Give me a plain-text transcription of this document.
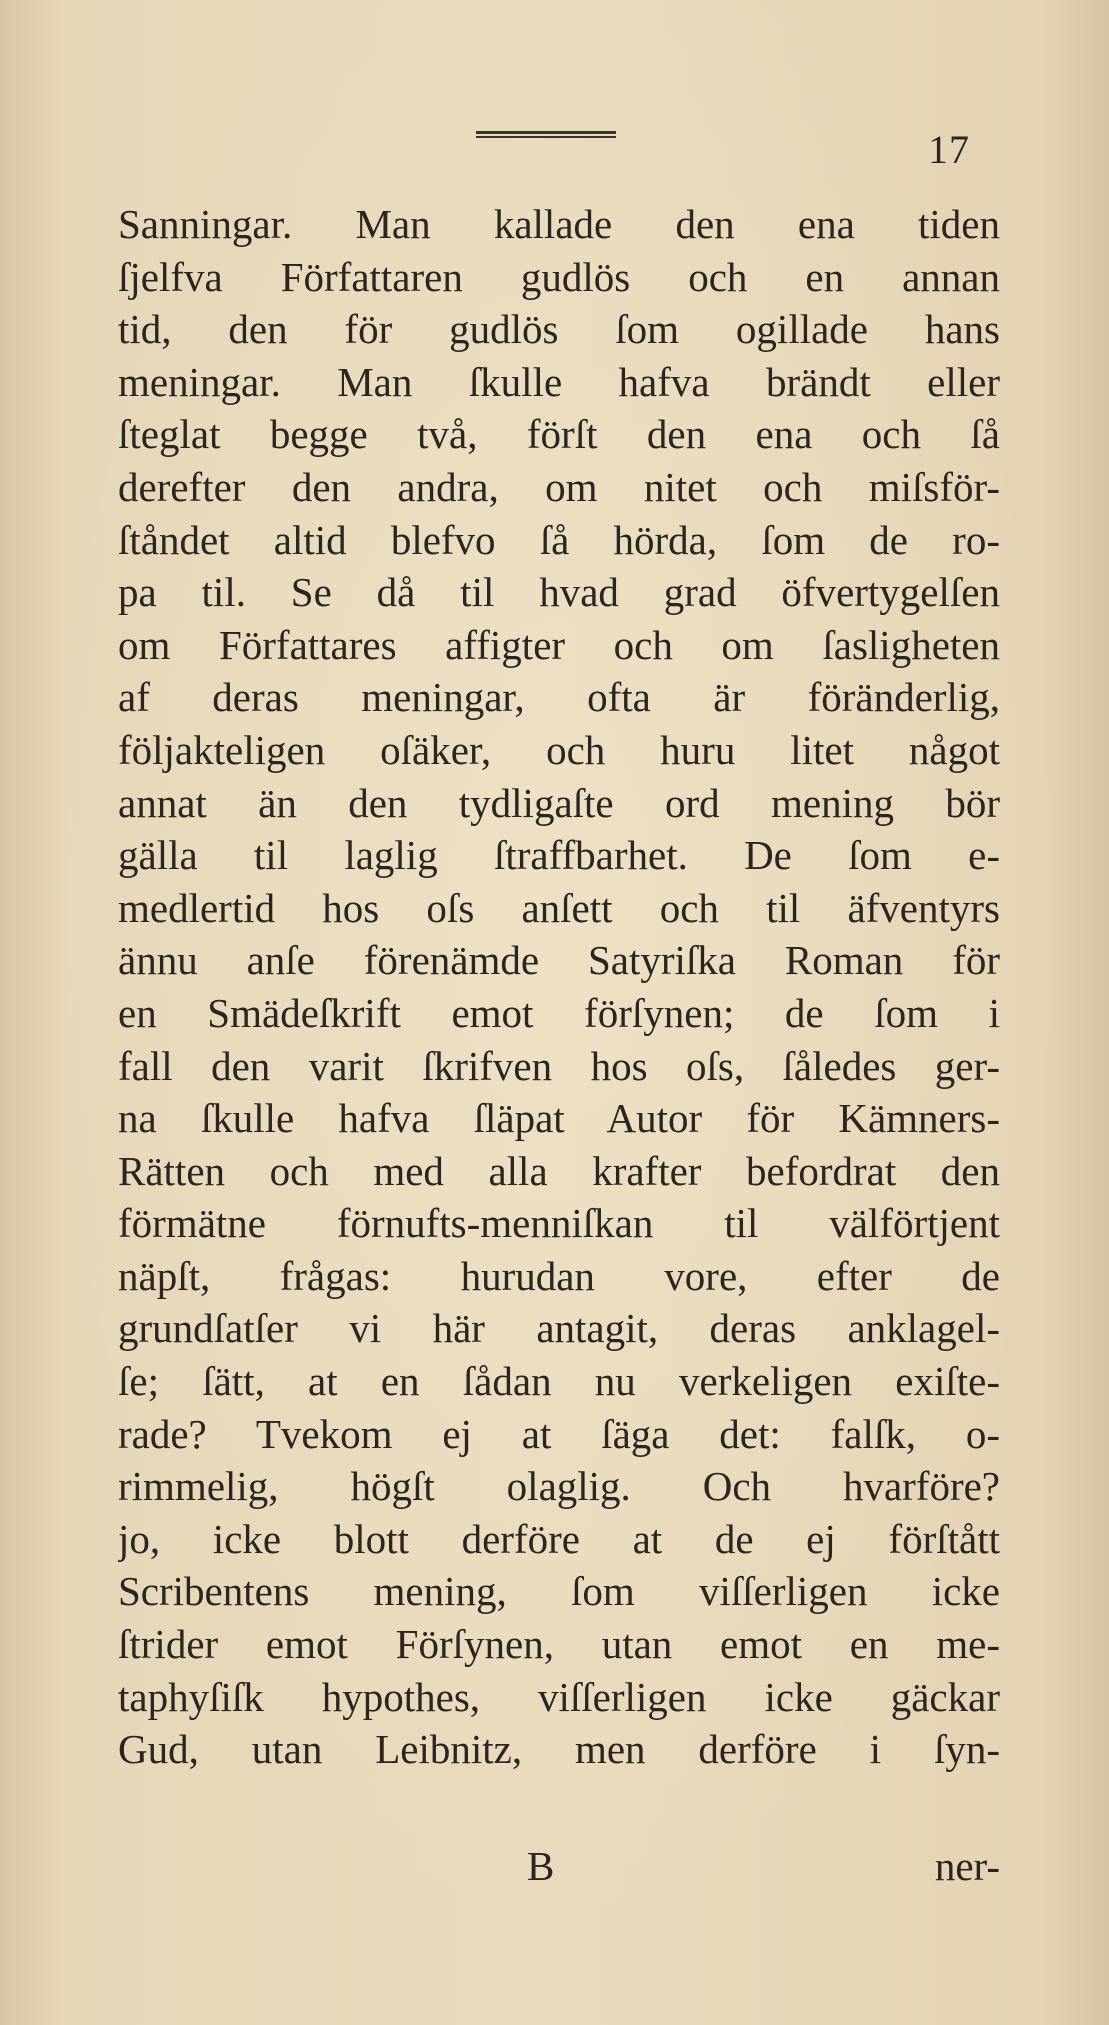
17
Sanningar. Man kallade den ena tiden
ſjelfva Författaren gudlös och en annan
tid, den för gudlös ſom ogillade hans
meningar. Man ſkulle hafva brändt eller
ſteglat begge två, förſt den ena och ſå
derefter den andra, om nitet och miſsför-
ſtåndet altid blefvo ſå hörda, ſom de ro-
pa til. Se då til hvad grad öfvertygelſen
om Författares affigter och om ſasligheten
af deras meningar, ofta är föränderlig,
följakteligen oſäker, och huru litet något
annat än den tydligaſte ord mening bör
gälla til laglig ſtraffbarhet. De ſom e-
medlertid hos oſs anſett och til äfventyrs
ännu anſe förenämde Satyriſka Roman för
en Smädeſkrift emot förſynen; de ſom i
fall den varit ſkrifven hos oſs, ſåledes ger-
na ſkulle hafva ſläpat Autor för Kämners-
Rätten och med alla krafter befordrat den
förmätne förnufts-menniſkan til välförtjent
näpſt, frågas: hurudan vore, efter de
grundſatſer vi här antagit, deras anklagel-
ſe; ſätt, at en ſådan nu verkeligen exiſte-
rade? Tvekom ej at ſäga det: falſk, o-
rimmelig, högſt olaglig. Och hvarföre?
jo, icke blott derföre at de ej förſtått
Scribentens mening, ſom viſſerligen icke
ſtrider emot Förſynen, utan emot en me-
taphyſiſk hypothes, viſſerligen icke gäckar
Gud, utan Leibnitz, men derföre i ſyn-
B	ner-
